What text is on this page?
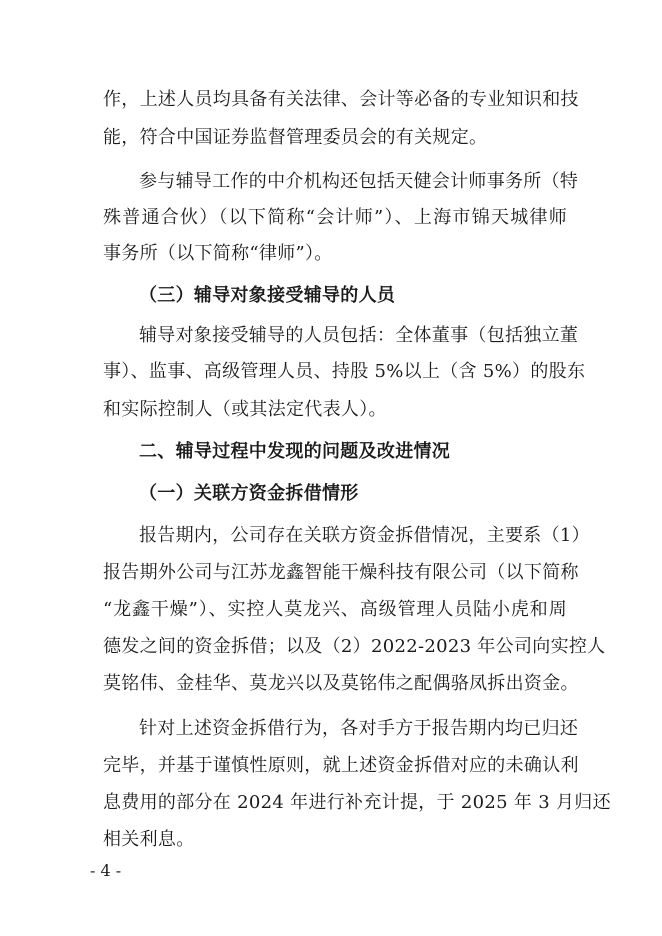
作，上述人员均具备有关法律、会计等必备的专业知识和技
能，符合中国证券监督管理委员会的有关规定。
参与辅导工作的中介机构还包括天健会计师事务所（特
殊普通合伙）（以下简称“会计师”）、上海市锦天城律师
事务所（以下简称“律师”）。
（三）辅导对象接受辅导的人员
辅导对象接受辅导的人员包括：全体董事（包括独立董
事）、监事、高级管理人员、持股 5%以上（含 5%）的股东
和实际控制人（或其法定代表人）。
二、辅导过程中发现的问题及改进情况
（一）关联方资金拆借情形
报告期内，公司存在关联方资金拆借情况，主要系（1）
报告期外公司与江苏龙鑫智能干燥科技有限公司（以下简称
“龙鑫干燥”）、实控人莫龙兴、高级管理人员陆小虎和周
德发之间的资金拆借；以及（2）2022-2023 年公司向实控人
莫铭伟、金桂华、莫龙兴以及莫铭伟之配偶骆凤拆出资金。
针对上述资金拆借行为，各对手方于报告期内均已归还
完毕，并基于谨慎性原则，就上述资金拆借对应的未确认利
息费用的部分在 2024 年进行补充计提，于 2025 年 3 月归还
相关利息。
- 4 -
